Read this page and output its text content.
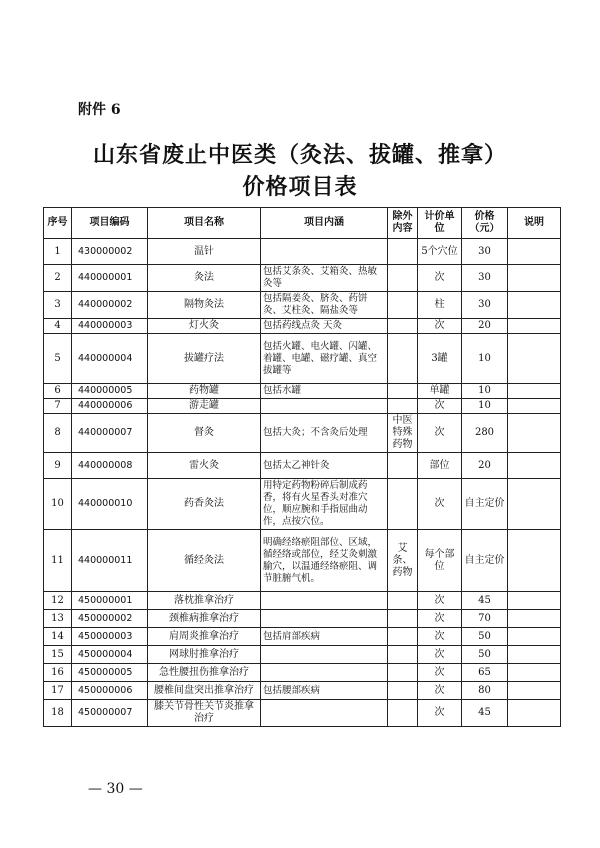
附件 6
山东省废止中医类（灸法、拔罐、推拿）
价格项目表
序号	项目编码	项目名称	项目内涵	除外内容	计价单位	价格（元）	说明
1	430000002	温针			5个穴位	30	
2	440000001	灸法	包括艾条灸、艾箱灸、热敏灸等		次	30	
3	440000002	隔物灸法	包括隔姜灸、脐灸、药饼灸、艾柱灸、隔盐灸等		柱	30	
4	440000003	灯火灸	包括药线点灸 天灸		次	20	
5	440000004	拔罐疗法	包括火罐、电火罐、闪罐、着罐、电罐、磁疗罐、真空拔罐等		3罐	10	
6	440000005	药物罐	包括水罐		单罐	10	
7	440000006	游走罐			次	10	
8	440000007	督灸	包括大灸；不含灸后处理	中医特殊药物	次	280	
9	440000008	雷火灸	包括太乙神针灸		部位	20	
10	440000010	药香灸法	用特定药物粉碎后制成药香，将有火星香头对准穴位，顺应腕和手指屈曲动作，点按穴位。		次	自主定价	
11	440000011	循经灸法	明确经络瘀阻部位、区域，循经络或部位，经艾灸刺激腧穴，以温通经络瘀阻、调节脏腑气机。	艾条、药物	每个部位	自主定价	
12	450000001	落枕推拿治疗			次	45	
13	450000002	颈椎病推拿治疗			次	70	
14	450000003	肩周炎推拿治疗	包括肩部疾病		次	50	
15	450000004	网球肘推拿治疗			次	50	
16	450000005	急性腰扭伤推拿治疗			次	65	
17	450000006	腰椎间盘突出推拿治疗	包括腰部疾病		次	80	
18	450000007	膝关节骨性关节炎推拿治疗			次	45	
— 30 —
